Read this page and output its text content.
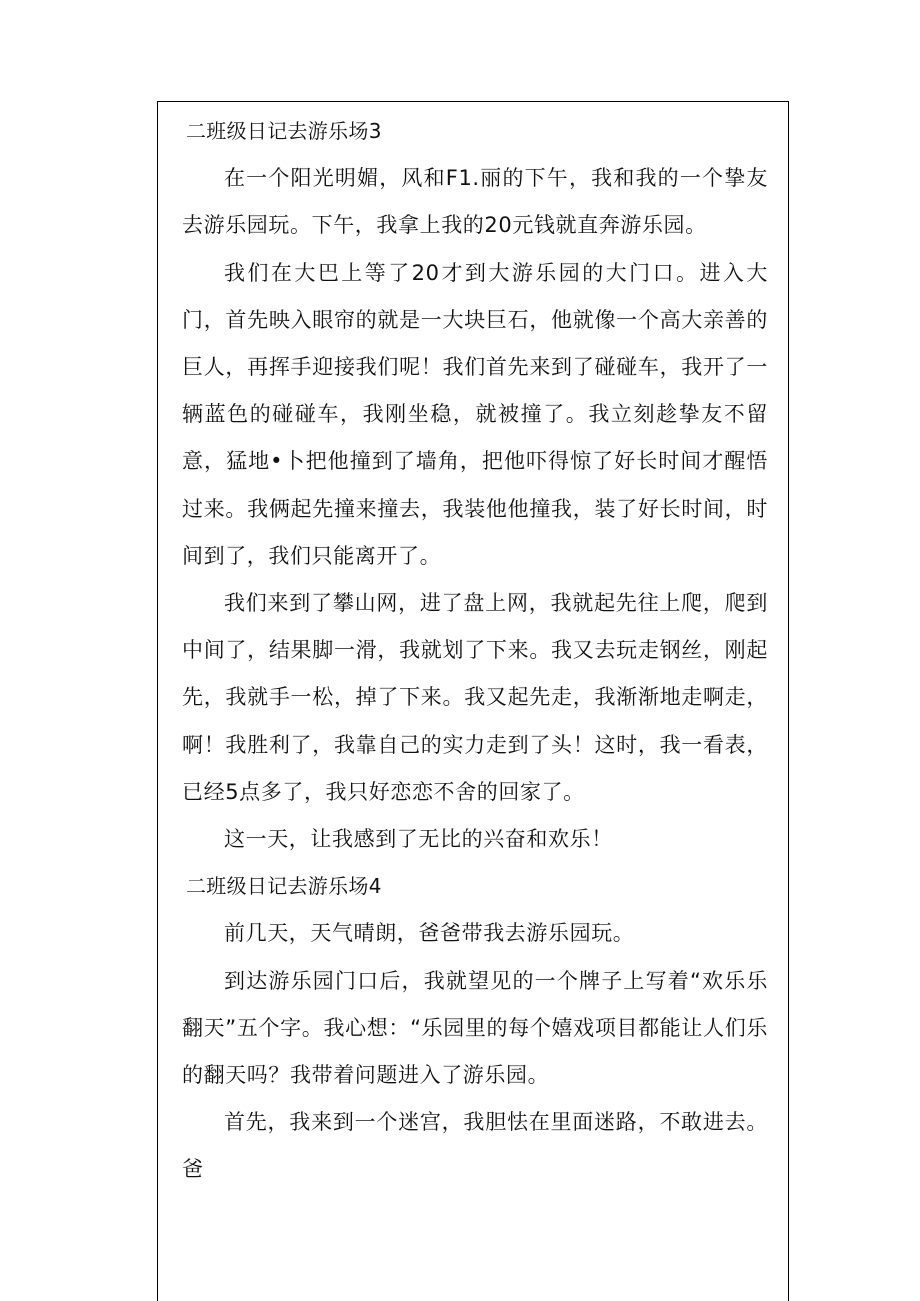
二班级日记去游乐场3

在一个阳光明媚，风和F1.丽的下午，我和我的一个挚友去游乐园玩。下午，我拿上我的20元钱就直奔游乐园。

我们在大巴上等了20才到大游乐园的大门口。进入大门，首先映入眼帘的就是一大块巨石，他就像一个高大亲善的巨人，再挥手迎接我们呢！我们首先来到了碰碰车，我开了一辆蓝色的碰碰车，我刚坐稳，就被撞了。我立刻趁挚友不留意，猛地•卜把他撞到了墙角，把他吓得惊了好长时间才醒悟过来。我俩起先撞来撞去，我装他他撞我，装了好长时间，时间到了，我们只能离开了。

我们来到了攀山网，进了盘上网，我就起先往上爬，爬到中间了，结果脚一滑，我就划了下来。我又去玩走钢丝，刚起先，我就手一松，掉了下来。我又起先走，我渐渐地走啊走，啊！我胜利了，我靠自己的实力走到了头！这时，我一看表，已经5点多了，我只好恋恋不舍的回家了。

这一天，让我感到了无比的兴奋和欢乐！

二班级日记去游乐场4

前几天，天气晴朗，爸爸带我去游乐园玩。

到达游乐园门口后，我就望见的一个牌子上写着“欢乐乐翻天”五个字。我心想：“乐园里的每个嬉戏项目都能让人们乐的翻天吗？我带着问题进入了游乐园。

首先，我来到一个迷宫，我胆怯在里面迷路，不敢进去。爸
